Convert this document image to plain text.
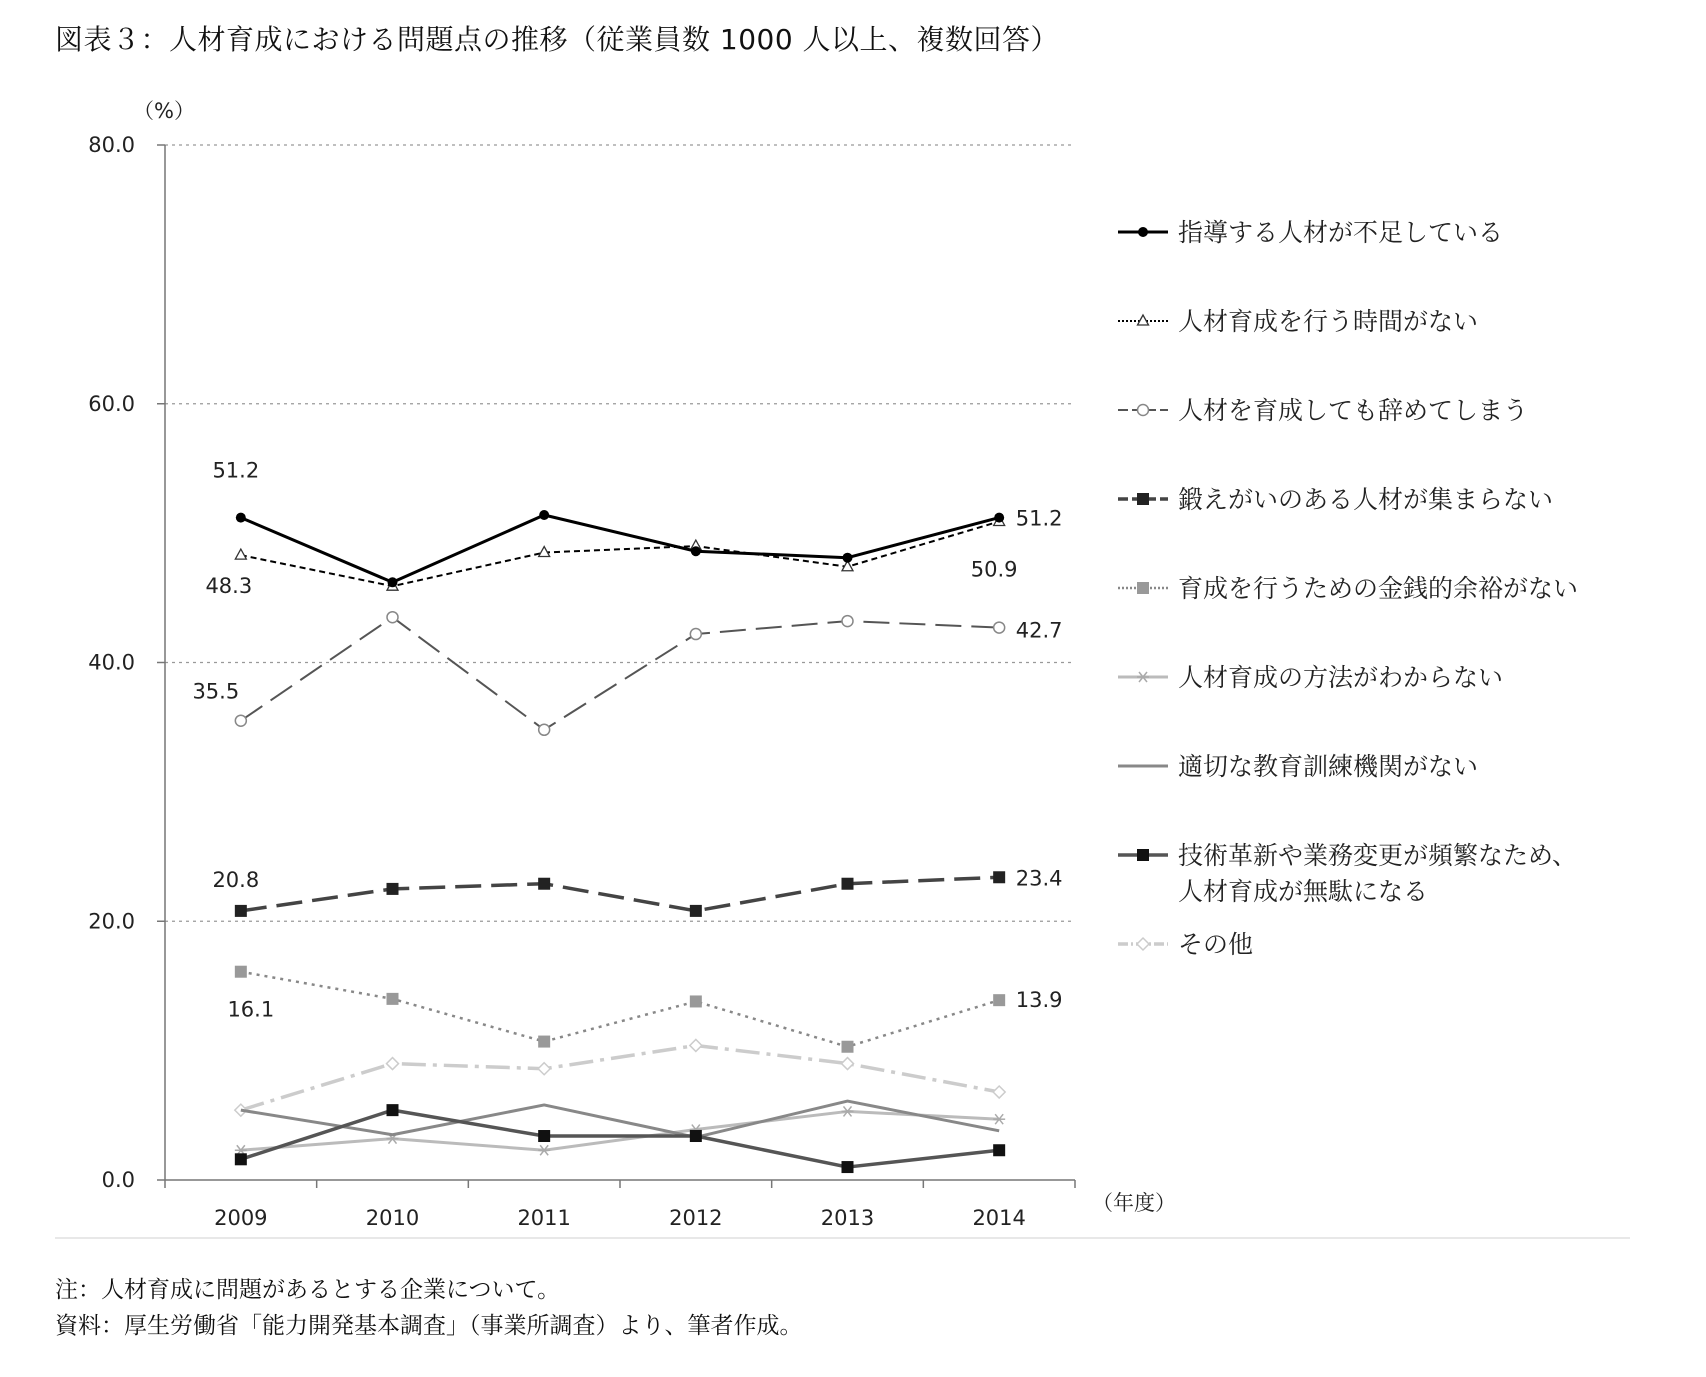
図表３：人材育成における問題点の推移（従業員数 1000 人以上、複数回答）
（%）
（年度）
0.0
20.0
40.0
60.0
80.0
2009	2010	2011	2012	2013	2014
51.2
48.3
51.2
50.9
35.5
42.7
20.8	23.4
16.1	13.9
指導する人材が不足している
人材育成を行う時間がない
人材を育成しても辞めてしまう
鍛えがいのある人材が集まらない
育成を行うための金銭的余裕がない
人材育成の方法がわからない
適切な教育訓練機関がない
技術革新や業務変更が頻繁なため、
人材育成が無駄になる
その他
注：人材育成に問題があるとする企業について。
資料：厚生労働省「能力開発基本調査」（事業所調査）より、筆者作成。
